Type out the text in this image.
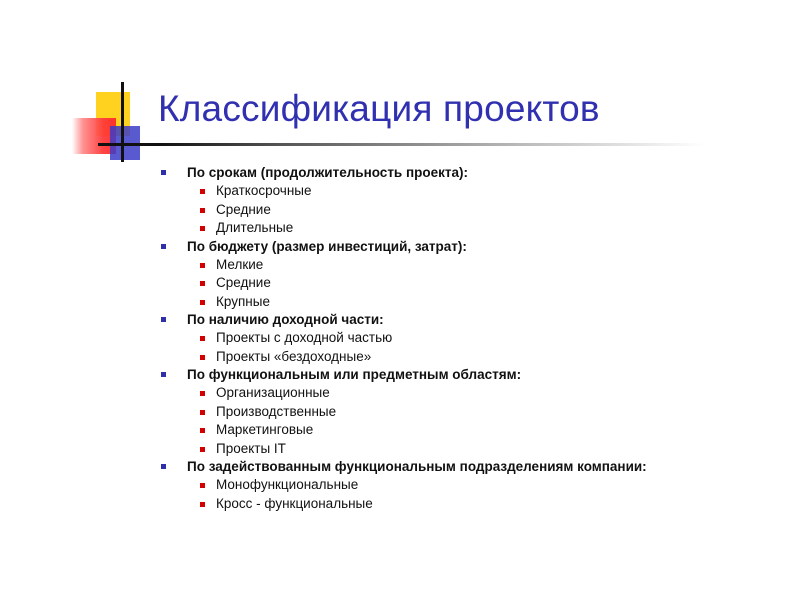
Классификация проектов
По срокам (продолжительность проекта):
Краткосрочные
Средние
Длительные
По бюджету (размер инвестиций, затрат):
Мелкие
Средние
Крупные
По наличию доходной части:
Проекты с доходной частью
Проекты «бездоходные»
По функциональным или предметным областям:
Организационные
Производственные
Маркетинговые
Проекты IT
По задействованным функциональным подразделениям компании:
Монофункциональные
Кросс - функциональные
